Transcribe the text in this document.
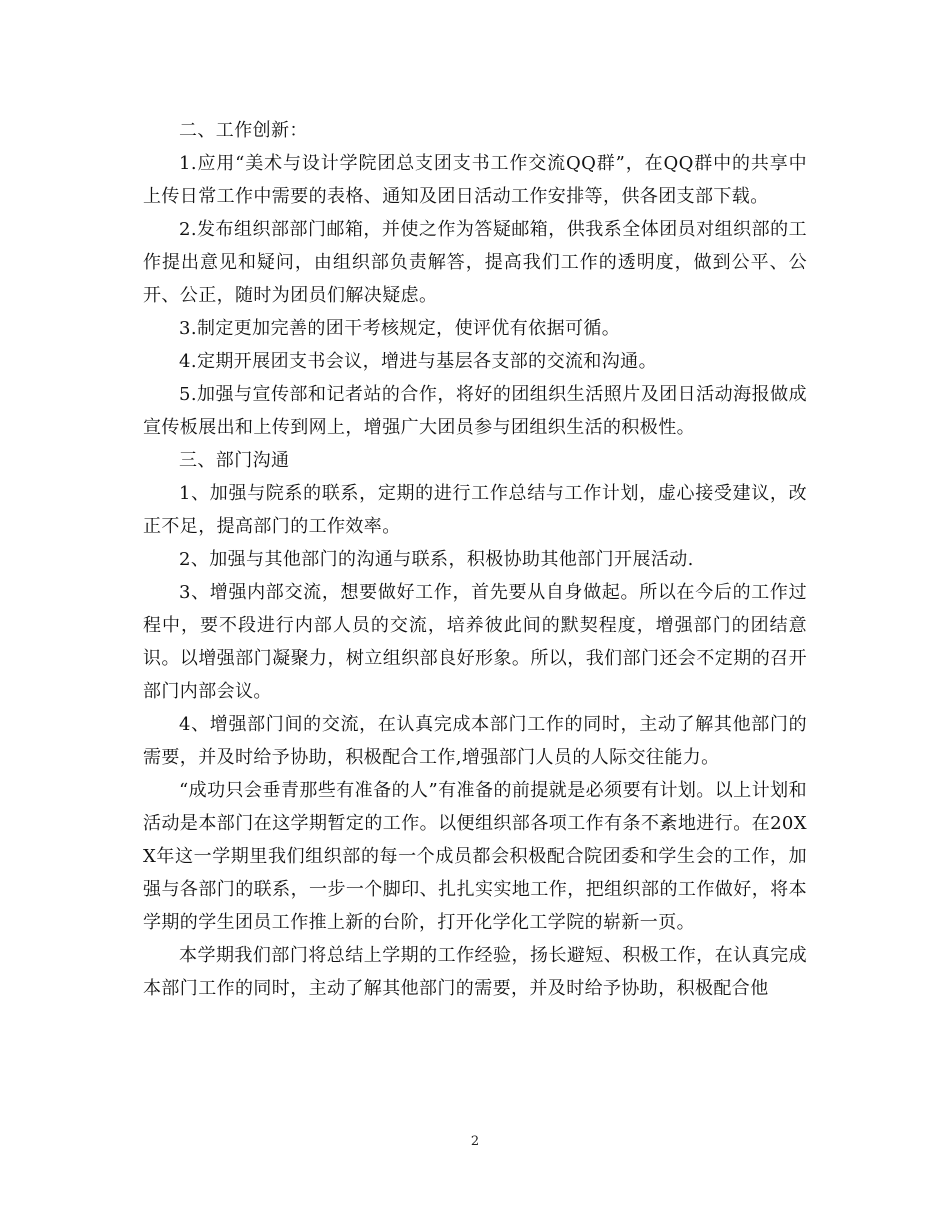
二、工作创新：

1.应用“美术与设计学院团总支团支书工作交流QQ群”，在QQ群中的共享中上传日常工作中需要的表格、通知及团日活动工作安排等，供各团支部下载。

2.发布组织部部门邮箱，并使之作为答疑邮箱，供我系全体团员对组织部的工作提出意见和疑问，由组织部负责解答，提高我们工作的透明度，做到公平、公开、公正，随时为团员们解决疑虑。

3.制定更加完善的团干考核规定，使评优有依据可循。

4.定期开展团支书会议，增进与基层各支部的交流和沟通。

5.加强与宣传部和记者站的合作，将好的团组织生活照片及团日活动海报做成宣传板展出和上传到网上，增强广大团员参与团组织生活的积极性。

三、部门沟通

1、加强与院系的联系，定期的进行工作总结与工作计划，虚心接受建议，改正不足，提高部门的工作效率。

2、加强与其他部门的沟通与联系，积极协助其他部门开展活动.

3、增强内部交流，想要做好工作，首先要从自身做起。所以在今后的工作过程中，要不段进行内部人员的交流，培养彼此间的默契程度，增强部门的团结意识。以增强部门凝聚力，树立组织部良好形象。所以，我们部门还会不定期的召开部门内部会议。

4、增强部门间的交流，在认真完成本部门工作的同时，主动了解其他部门的需要，并及时给予协助，积极配合工作,增强部门人员的人际交往能力。

“成功只会垂青那些有准备的人”有准备的前提就是必须要有计划。以上计划和活动是本部门在这学期暂定的工作。以便组织部各项工作有条不紊地进行。在20XX年这一学期里我们组织部的每一个成员都会积极配合院团委和学生会的工作，加强与各部门的联系，一步一个脚印、扎扎实实地工作，把组织部的工作做好，将本学期的学生团员工作推上新的台阶，打开化学化工学院的崭新一页。

本学期我们部门将总结上学期的工作经验，扬长避短、积极工作，在认真完成本部门工作的同时，主动了解其他部门的需要，并及时给予协助，积极配合他

2
